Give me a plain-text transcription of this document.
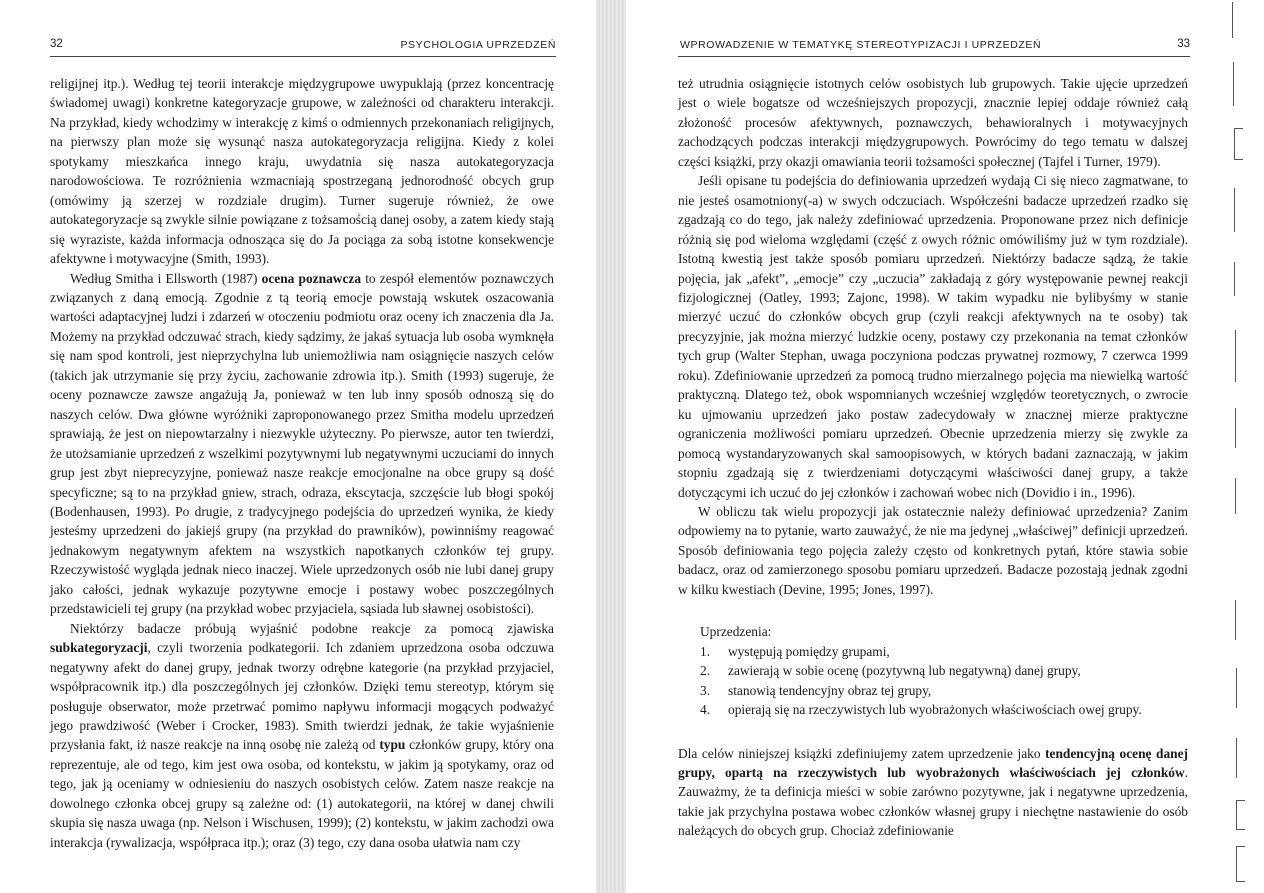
32	PSYCHOLOGIA UPRZEDZEŃ

religijnej itp.). Według tej teorii interakcje międzygrupowe uwypuklają (przez koncentrację świadomej uwagi) konkretne kategoryzacje grupowe, w zależności od charakteru interakcji. Na przykład, kiedy wchodzimy w interakcję z kimś o odmiennych przekonaniach religijnych, na pierwszy plan może się wysunąć nasza autokategoryzacja religijna. Kiedy z kolei spotykamy mieszkańca innego kraju, uwydatnia się nasza autokategoryzacja narodowościowa. Te rozróżnienia wzmacniają spostrzeganą jednorodność obcych grup (omówimy ją szerzej w rozdziale drugim). Turner sugeruje również, że owe autokategoryzacje są zwykle silnie powiązane z tożsamością danej osoby, a zatem kiedy stają się wyraziste, każda informacja odnosząca się do Ja pociąga za sobą istotne konsekwencje afektywne i motywacyjne (Smith, 1993).

Według Smitha i Ellsworth (1987) ocena poznawcza to zespół elementów poznawczych związanych z daną emocją. Zgodnie z tą teorią emocje powstają wskutek oszacowania wartości adaptacyjnej ludzi i zdarzeń w otoczeniu podmiotu oraz oceny ich znaczenia dla Ja. Możemy na przykład odczuwać strach, kiedy sądzimy, że jakaś sytuacja lub osoba wymknęła się nam spod kontroli, jest nieprzychylna lub uniemożliwia nam osiągnięcie naszych celów (takich jak utrzymanie się przy życiu, zachowanie zdrowia itp.). Smith (1993) sugeruje, że oceny poznawcze zawsze angażują Ja, ponieważ w ten lub inny sposób odnoszą się do naszych celów. Dwa główne wyróżniki zaproponowanego przez Smitha modelu uprzedzeń sprawiają, że jest on niepowtarzalny i niezwykle użyteczny. Po pierwsze, autor ten twierdzi, że utożsamianie uprzedzeń z wszelkimi pozytywnymi lub negatywnymi uczuciami do innych grup jest zbyt nieprecyzyjne, ponieważ nasze reakcje emocjonalne na obce grupy są dość specyficzne; są to na przykład gniew, strach, odraza, ekscytacja, szczęście lub błogi spokój (Bodenhausen, 1993). Po drugie, z tradycyjnego podejścia do uprzedzeń wynika, że kiedy jesteśmy uprzedzeni do jakiejś grupy (na przykład do prawników), powinniśmy reagować jednakowym negatywnym afektem na wszystkich napotkanych członków tej grupy. Rzeczywistość wygląda jednak nieco inaczej. Wiele uprzedzonych osób nie lubi danej grupy jako całości, jednak wykazuje pozytywne emocje i postawy wobec poszczególnych przedstawicieli tej grupy (na przykład wobec przyjaciela, sąsiada lub sławnej osobistości).

Niektórzy badacze próbują wyjaśnić podobne reakcje za pomocą zjawiska subkategoryzacji, czyli tworzenia podkategorii. Ich zdaniem uprzedzona osoba odczuwa negatywny afekt do danej grupy, jednak tworzy odrębne kategorie (na przykład przyjaciel, współpracownik itp.) dla poszczególnych jej członków. Dzięki temu stereotyp, którym się posługuje obserwator, może przetrwać pomimo napływu informacji mogących podważyć jego prawdziwość (Weber i Crocker, 1983). Smith twierdzi jednak, że takie wyjaśnienie przysłania fakt, iż nasze reakcje na inną osobę nie zależą od typu członków grupy, który ona reprezentuje, ale od tego, kim jest owa osoba, od kontekstu, w jakim ją spotykamy, oraz od tego, jak ją oceniamy w odniesieniu do naszych osobistych celów. Zatem nasze reakcje na dowolnego członka obcej grupy są zależne od: (1) autokategorii, na której w danej chwili skupia się nasza uwaga (np. Nelson i Wischusen, 1999); (2) kontekstu, w jakim zachodzi owa interakcja (rywalizacja, współpraca itp.); oraz (3) tego, czy dana osoba ułatwia nam czy

WPROWADZENIE W TEMATYKĘ STEREOTYPIZACJI I UPRZEDZEŃ	33

też utrudnia osiągnięcie istotnych celów osobistych lub grupowych. Takie ujęcie uprzedzeń jest o wiele bogatsze od wcześniejszych propozycji, znacznie lepiej oddaje również całą złożoność procesów afektywnych, poznawczych, behawioralnych i motywacyjnych zachodzących podczas interakcji międzygrupowych. Powrócimy do tego tematu w dalszej części książki, przy okazji omawiania teorii tożsamości społecznej (Tajfel i Turner, 1979).

Jeśli opisane tu podejścia do definiowania uprzedzeń wydają Ci się nieco zagmatwane, to nie jesteś osamotniony(-a) w swych odczuciach. Współcześni badacze uprzedzeń rzadko się zgadzają co do tego, jak należy zdefiniować uprzedzenia. Proponowane przez nich definicje różnią się pod wieloma względami (część z owych różnic omówiliśmy już w tym rozdziale). Istotną kwestią jest także sposób pomiaru uprzedzeń. Niektórzy badacze sądzą, że takie pojęcia, jak „afekt”, „emocje” czy „uczucia” zakładają z góry występowanie pewnej reakcji fizjologicznej (Oatley, 1993; Zajonc, 1998). W takim wypadku nie bylibyśmy w stanie mierzyć uczuć do członków obcych grup (czyli reakcji afektywnych na te osoby) tak precyzyjnie, jak można mierzyć ludzkie oceny, postawy czy przekonania na temat członków tych grup (Walter Stephan, uwaga poczyniona podczas prywatnej rozmowy, 7 czerwca 1999 roku). Zdefiniowanie uprzedzeń za pomocą trudno mierzalnego pojęcia ma niewielką wartość praktyczną. Dlatego też, obok wspomnianych wcześniej względów teoretycznych, o zwrocie ku ujmowaniu uprzedzeń jako postaw zadecydowały w znacznej mierze praktyczne ograniczenia możliwości pomiaru uprzedzeń. Obecnie uprzedzenia mierzy się zwykle za pomocą wystandaryzowanych skal samoopisowych, w których badani zaznaczają, w jakim stopniu zgadzają się z twierdzeniami dotyczącymi właściwości danej grupy, a także dotyczącymi ich uczuć do jej członków i zachowań wobec nich (Dovidio i in., 1996).

W obliczu tak wielu propozycji jak ostatecznie należy definiować uprzedzenia? Zanim odpowiemy na to pytanie, warto zauważyć, że nie ma jedynej „właściwej” definicji uprzedzeń. Sposób definiowania tego pojęcia zależy często od konkretnych pytań, które stawia sobie badacz, oraz od zamierzonego sposobu pomiaru uprzedzeń. Badacze pozostają jednak zgodni w kilku kwestiach (Devine, 1995; Jones, 1997).

Uprzedzenia:

1.	występują pomiędzy grupami,
2.	zawierają w sobie ocenę (pozytywną lub negatywną) danej grupy,
3.	stanowią tendencyjny obraz tej grupy,
4.	opierają się na rzeczywistych lub wyobrażonych właściwościach owej grupy.

Dla celów niniejszej książki zdefiniujemy zatem uprzedzenie jako tendencyjną ocenę danej grupy, opartą na rzeczywistych lub wyobrażonych właściwościach jej członków. Zauważmy, że ta definicja mieści w sobie zarówno pozytywne, jak i negatywne uprzedzenia, takie jak przychylna postawa wobec członków własnej grupy i niechętne nastawienie do osób należących do obcych grup. Chociaż zdefiniowanie
